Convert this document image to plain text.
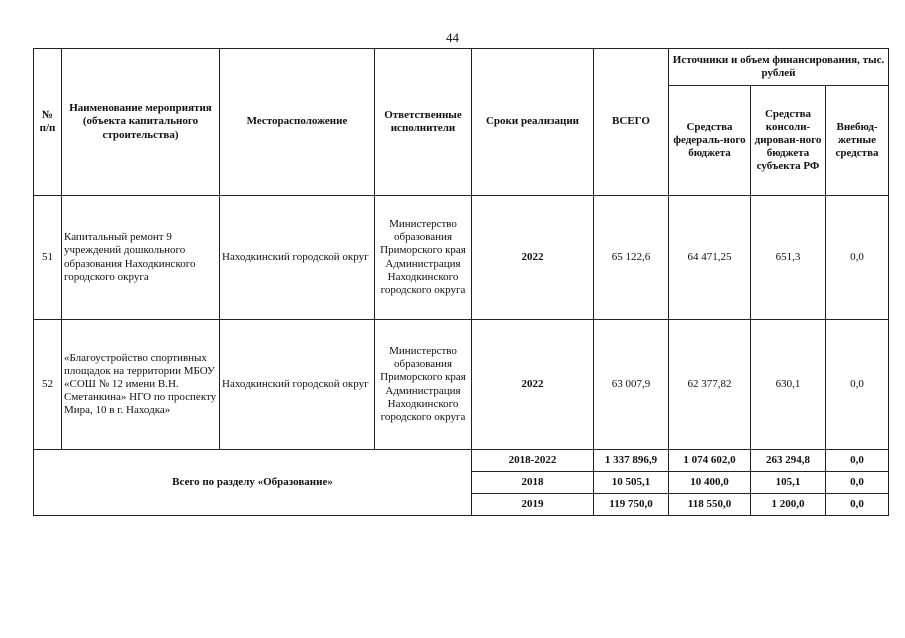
44
№ п/п	Наименование мероприятия (объекта капитального строительства)	Месторасположение	Ответственные исполнители	Сроки реализации	ВСЕГО	Источники и объем финансирования, тыс. рублей		
						Средства федераль-ного бюджета	Средства консоли-дирован-ного бюджета субъекта РФ	Внебюд-жетные средства
51	Капитальный ремонт 9 учреждений дошкольного образования Находкинского городского округа	Находкинский городской округ	Министерство образования Приморского края Администрация Находкинского городского округа	2022	65 122,6	64 471,25	651,3	0,0
52	«Благоустройство спортивных площадок на территории МБОУ «СОШ № 12 имени В.Н. Сметанкина» НГО по проспекту Мира, 10 в г. Находка»	Находкинский городской округ	Министерство образования Приморского края Администрация Находкинского городского округа	2022	63 007,9	62 377,82	630,1	0,0
Всего по разделу «Образование»				2018-2022	1 337 896,9	1 074 602,0	263 294,8	0,0
				2018	10 505,1	10 400,0	105,1	0,0
				2019	119 750,0	118 550,0	1 200,0	0,0
